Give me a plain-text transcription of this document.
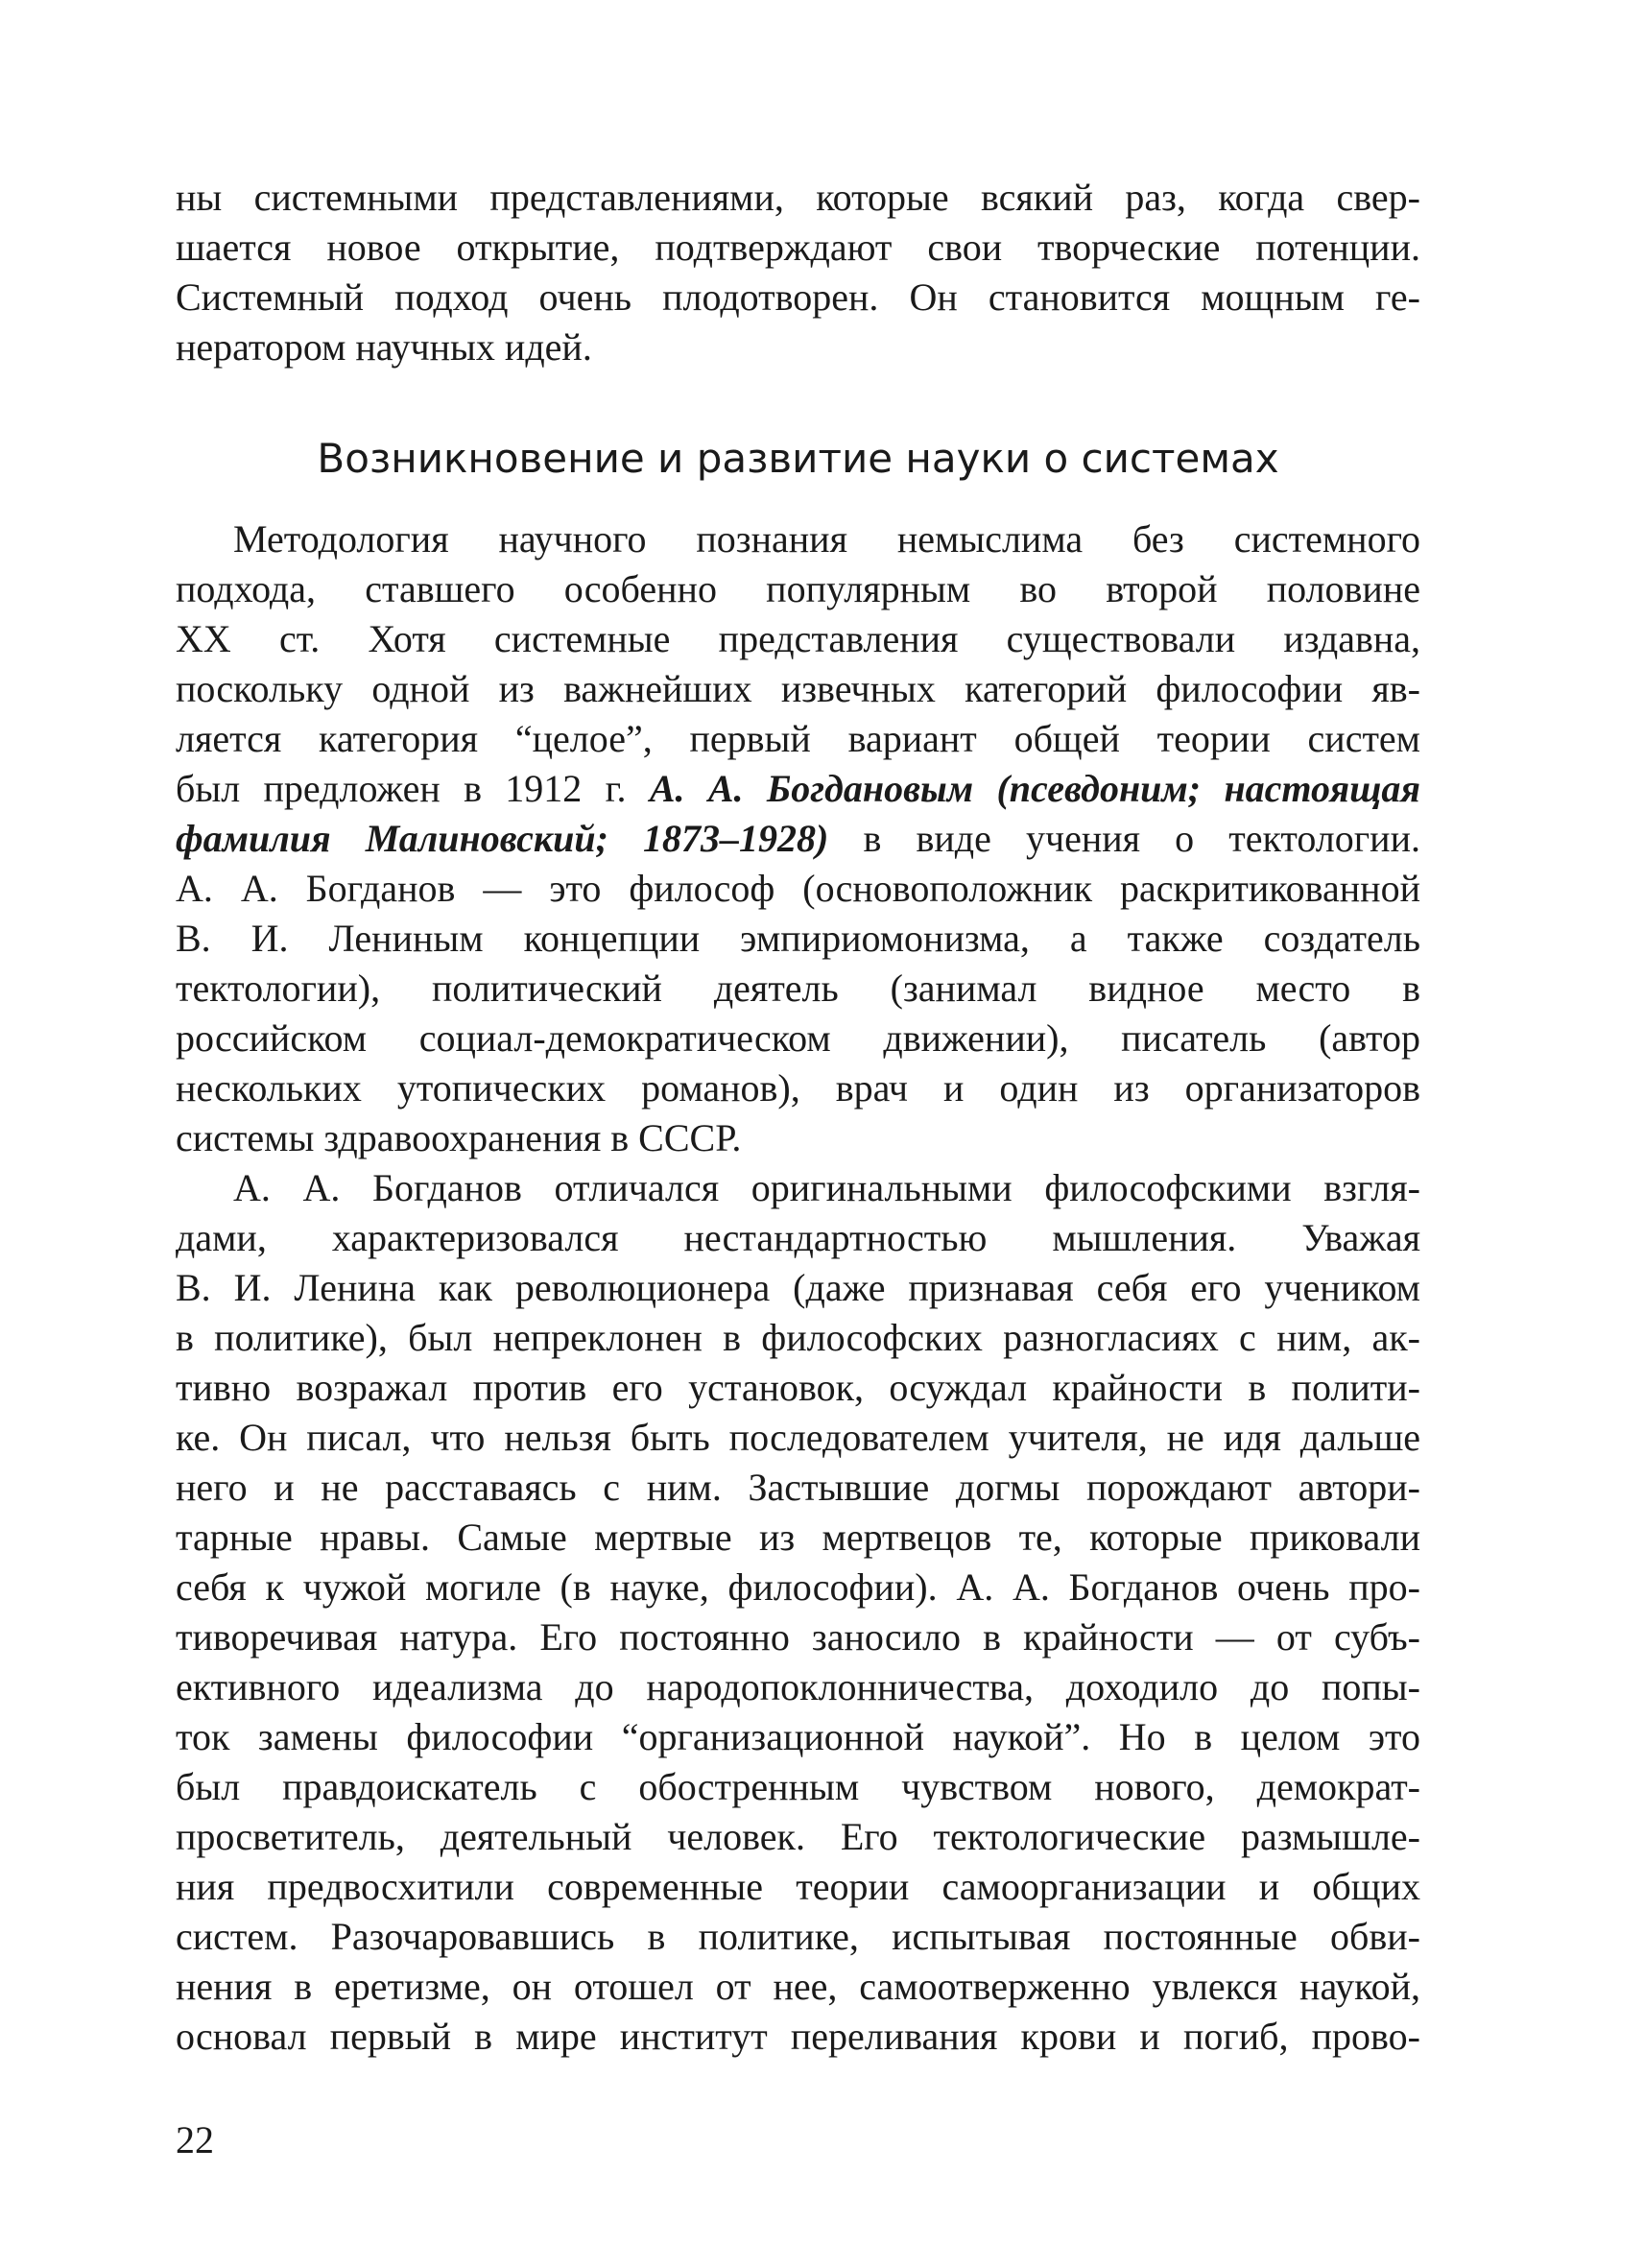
ны системными представлениями, которые всякий раз, когда свер-
шается новое открытие, подтверждают свои творческие потенции.
Системный подход очень плодотворен. Он становится мощным ге-
нератором научных идей.

Возникновение и развитие науки о системах

Методология научного познания немыслима без системного
подхода, ставшего особенно популярным во второй половине
XX ст. Хотя системные представления существовали издавна,
поскольку одной из важнейших извечных категорий философии яв-
ляется категория “целое”, первый вариант общей теории систем
был предложен в 1912 г. А. А. Богдановым (псевдоним; настоящая
фамилия Малиновский; 1873–1928) в виде учения о тектологии.
А. А. Богданов — это философ (основоположник раскритикованной
В. И. Лениным концепции эмпириомонизма, а также создатель
тектологии), политический деятель (занимал видное место в
российском социал-демократическом движении), писатель (автор
нескольких утопических романов), врач и один из организаторов
системы здравоохранения в СССР.

А. А. Богданов отличался оригинальными философскими взгля-
дами, характеризовался нестандартностью мышления. Уважая
В. И. Ленина как революционера (даже признавая себя его учеником
в политике), был непреклонен в философских разногласиях с ним, ак-
тивно возражал против его установок, осуждал крайности в полити-
ке. Он писал, что нельзя быть последователем учителя, не идя дальше
него и не расставаясь с ним. Застывшие догмы порождают автори-
тарные нравы. Самые мертвые из мертвецов те, которые приковали
себя к чужой могиле (в науке, философии). А. А. Богданов очень про-
тиворечивая натура. Его постоянно заносило в крайности — от субъ-
ективного идеализма до народопоклонничества, доходило до попы-
ток замены философии “организационной наукой”. Но в целом это
был правдоискатель с обостренным чувством нового, демократ-
просветитель, деятельный человек. Его тектологические размышле-
ния предвосхитили современные теории самоорганизации и общих
систем. Разочаровавшись в политике, испытывая постоянные обви-
нения в еретизме, он отошел от нее, самоотверженно увлекся наукой,
основал первый в мире институт переливания крови и погиб, прово-

22
